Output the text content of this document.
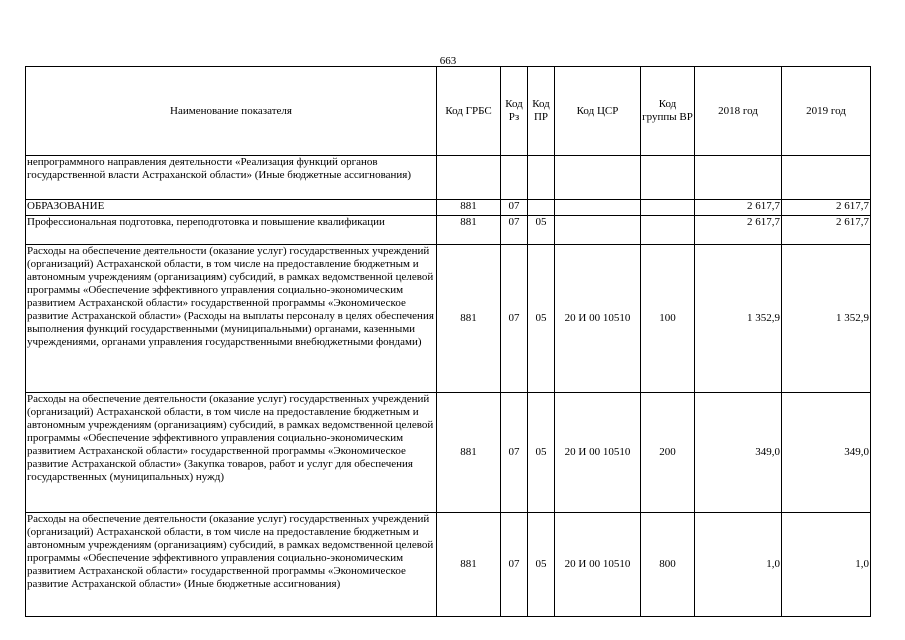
663
Наименование показателя	Код ГРБС	Код Рз	Код ПР	Код ЦСР	Код группы ВР	2018 год	2019 год
непрограммного направления деятельности «Реализация функций органов государственной власти Астраханской области» (Иные бюджетные ассигнования)							
ОБРАЗОВАНИЕ	881	07				2 617,7	2 617,7
Профессиональная подготовка, переподготовка и повышение квалификации	881	07	05			2 617,7	2 617,7
Расходы на обеспечение деятельности (оказание услуг) государственных учреждений (организаций) Астраханской области, в том числе на предоставление бюджетным и автономным учреждениям (организациям) субсидий, в рамках ведомственной целевой программы «Обеспечение эффективного управления социально-экономическим развитием Астраханской области» государственной программы «Экономическое развитие Астраханской области» (Расходы на выплаты персоналу в целях обеспечения выполнения функций государственными (муниципальными) органами, казенными учреждениями, органами управления государственными внебюджетными фондами)	881	07	05	20 И 00 10510	100	1 352,9	1 352,9
Расходы на обеспечение деятельности (оказание услуг) государственных учреждений (организаций) Астраханской области, в том числе на предоставление бюджетным и автономным учреждениям (организациям) субсидий, в рамках ведомственной целевой программы «Обеспечение эффективного управления социально-экономическим развитием Астраханской области» государственной программы «Экономическое развитие Астраханской области» (Закупка товаров, работ и услуг для обеспечения государственных (муниципальных) нужд)	881	07	05	20 И 00 10510	200	349,0	349,0
Расходы на обеспечение деятельности (оказание услуг) государственных учреждений (организаций) Астраханской области, в том числе на предоставление бюджетным и автономным учреждениям (организациям) субсидий, в рамках ведомственной целевой программы «Обеспечение эффективного управления социально-экономическим развитием Астраханской области» государственной программы «Экономическое развитие Астраханской области» (Иные бюджетные ассигнования)	881	07	05	20 И 00 10510	800	1,0	1,0
